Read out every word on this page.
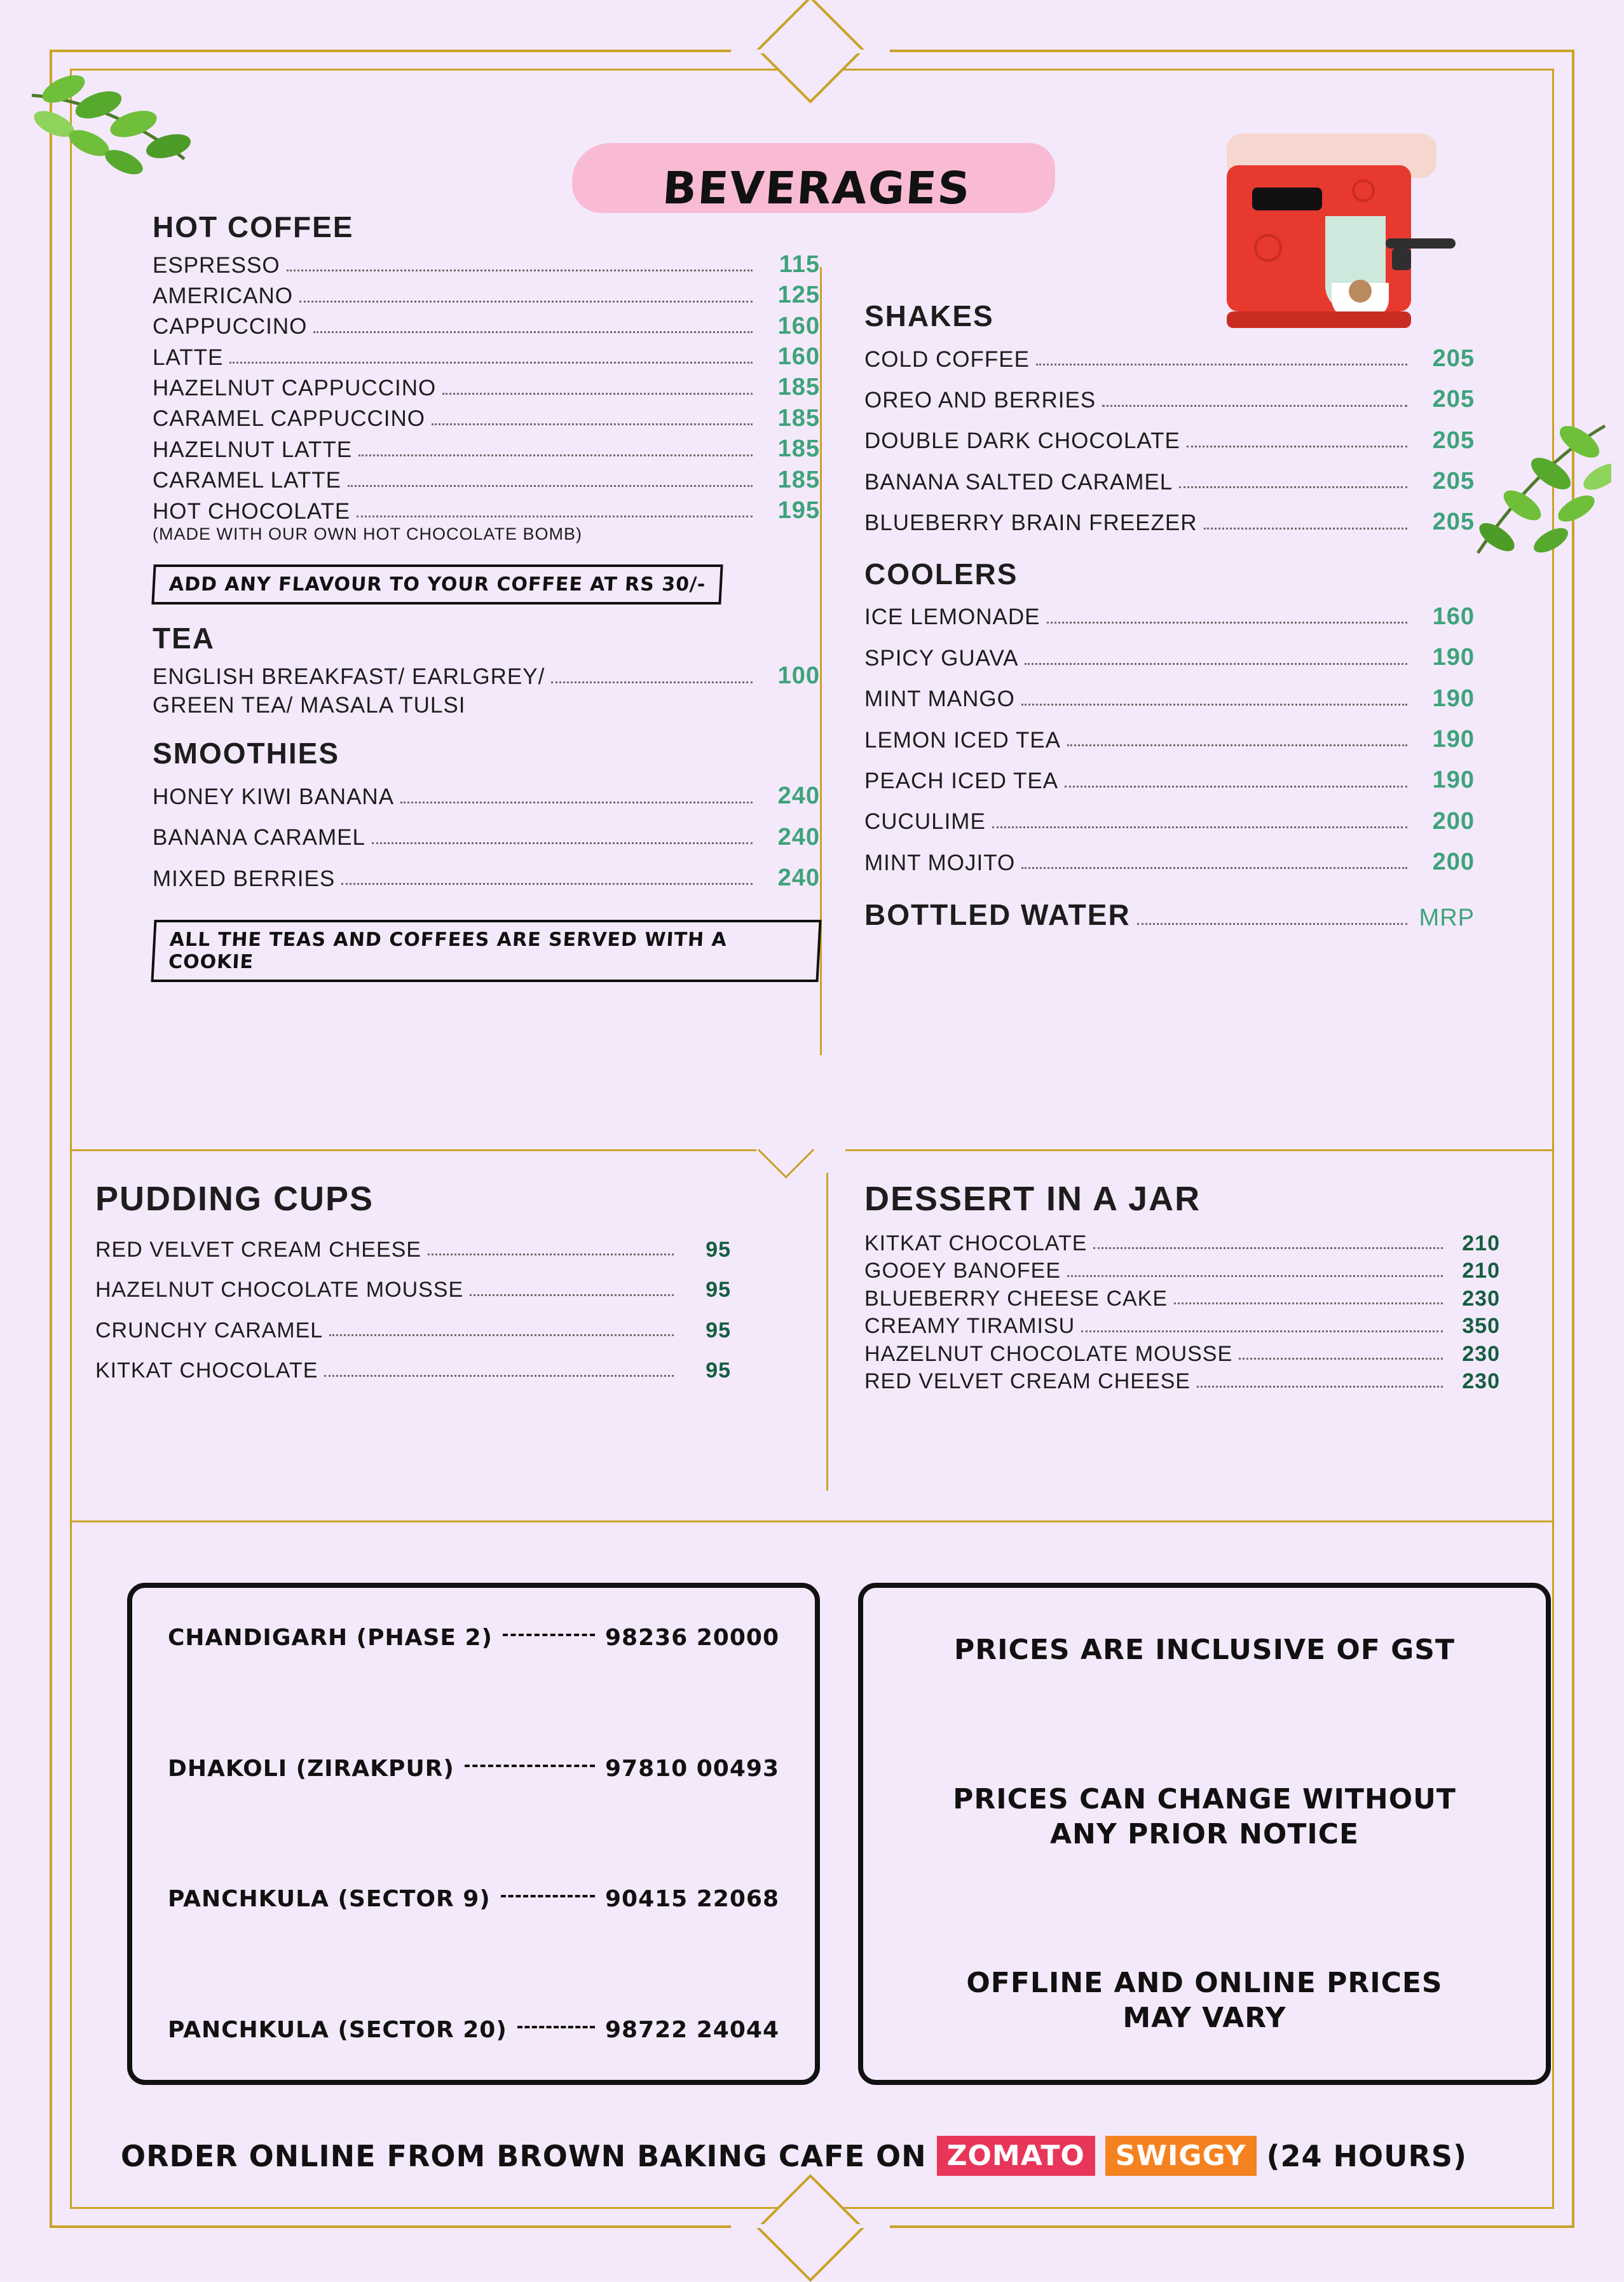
BEVERAGES
HOT COFFEE
ESPRESSO	115
AMERICANO	125
CAPPUCCINO	160
LATTE	160
HAZELNUT CAPPUCCINO	185
CARAMEL CAPPUCCINO	185
HAZELNUT LATTE	185
CARAMEL LATTE	185
HOT CHOCOLATE	195
(MADE WITH OUR OWN HOT CHOCOLATE BOMB)
ADD ANY FLAVOUR TO YOUR COFFEE AT RS 30/-
TEA
ENGLISH BREAKFAST/ EARLGREY/	100
GREEN TEA/ MASALA TULSI
SMOOTHIES
HONEY KIWI BANANA	240
BANANA CARAMEL	240
MIXED BERRIES	240
ALL THE TEAS AND COFFEES ARE SERVED WITH A COOKIE
SHAKES
COLD COFFEE	205
OREO AND BERRIES	205
DOUBLE DARK CHOCOLATE	205
BANANA SALTED CARAMEL	205
BLUEBERRY BRAIN FREEZER	205
COOLERS
ICE LEMONADE	160
SPICY GUAVA	190
MINT MANGO	190
LEMON ICED TEA	190
PEACH ICED TEA	190
CUCULIME	200
MINT MOJITO	200
BOTTLED WATER	MRP
PUDDING CUPS
RED VELVET CREAM CHEESE	95
HAZELNUT CHOCOLATE MOUSSE	95
CRUNCHY CARAMEL	95
KITKAT CHOCOLATE	95
DESSERT IN A JAR
KITKAT CHOCOLATE	210
GOOEY BANOFEE	210
BLUEBERRY CHEESE CAKE	230
CREAMY TIRAMISU	350
HAZELNUT CHOCOLATE MOUSSE	230
RED VELVET CREAM CHEESE	230
CHANDIGARH (PHASE 2)	98236 20000
DHAKOLI (ZIRAKPUR)	97810 00493
PANCHKULA (SECTOR 9)	90415 22068
PANCHKULA (SECTOR 20)	98722 24044
PRICES ARE INCLUSIVE OF GST
PRICES CAN CHANGE WITHOUT
ANY PRIOR NOTICE
OFFLINE AND ONLINE PRICES
MAY VARY
ORDER ONLINE FROM BROWN BAKING CAFE ON ZOMATO	SWIGGY (24 HOURS)
